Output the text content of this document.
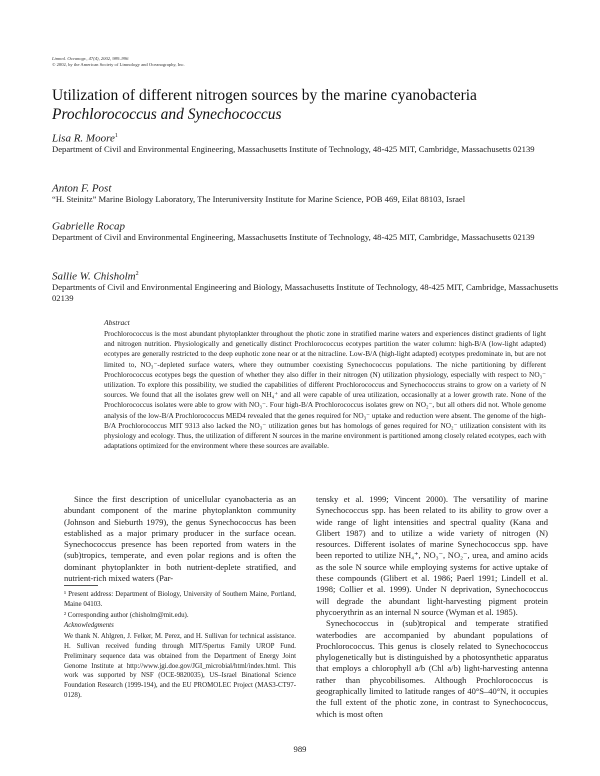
Limnol. Oceanogr., 47(4), 2002, 989–996
© 2002, by the American Society of Limnology and Oceanography, Inc.
Utilization of different nitrogen sources by the marine cyanobacteria
Prochlorococcus and Synechococcus
Lisa R. Moore$^1$
Department of Civil and Environmental Engineering, Massachusetts Institute of Technology, 48-425 MIT, Cambridge, Massachusetts 02139
Anton F. Post
“H. Steinitz” Marine Biology Laboratory, The Interuniversity Institute for Marine Science, POB 469, Eilat 88103, Israel
Gabrielle Rocap
Department of Civil and Environmental Engineering, Massachusetts Institute of Technology, 48-425 MIT, Cambridge, Massachusetts 02139
Sallie W. Chisholm$^2$
Departments of Civil and Environmental Engineering and Biology, Massachusetts Institute of Technology, 48-425 MIT, Cambridge, Massachusetts 02139
Abstract
Prochlorococcus is the most abundant phytoplankter throughout the photic zone in stratified marine waters and experiences distinct gradients of light and nitrogen nutrition. Physiologically and genetically distinct Prochlorococcus ecotypes partition the water column: high-B/A (low-light adapted) ecotypes are generally restricted to the deep euphotic zone near or at the nitracline. Low-B/A (high-light adapted) ecotypes predominate in, but are not limited to, NO₃⁻-depleted surface waters, where they outnumber coexisting Synechococcus populations. The niche partitioning by different Prochlorococcus ecotypes begs the question of whether they also differ in their nitrogen (N) utilization physiology, especially with respect to NO₃⁻ utilization. To explore this possibility, we studied the capabilities of different Prochlorococcus and Synechococcus strains to grow on a variety of N sources. We found that all the isolates grew well on NH₄⁺ and all were capable of urea utilization, occasionally at a lower growth rate. None of the Prochlorococcus isolates were able to grow with NO₃⁻. Four high-B/A Prochlorococcus isolates grew on NO₂⁻, but all others did not. Whole genome analysis of the low-B/A Prochlorococcus MED4 revealed that the genes required for NO₃⁻ uptake and reduction were absent. The genome of the high-B/A Prochlorococcus MIT 9313 also lacked the NO₃⁻ utilization genes but has homologs of genes required for NO₂⁻ utilization consistent with its physiology and ecology. Thus, the utilization of different N sources in the marine environment is partitioned among closely related ecotypes, each with adaptations optimized for the environment where these sources are available.

Since the first description of unicellular cyanobacteria as an abundant component of the marine phytoplankton community (Johnson and Sieburth 1979), the genus Synechococcus has been established as a major primary producer in the surface ocean. Synechococcus presence has been reported from waters in the (sub)tropics, temperate, and even polar regions and is often the dominant phytoplankter in both nutrient-deplete stratified, and nutrient-rich mixed waters (Par-

¹ Present address: Department of Biology, University of Southern Maine, Portland, Maine 04103.

² Corresponding author (chisholm@mit.edu).

Acknowledgments

We thank N. Ahlgren, J. Felker, M. Perez, and H. Sullivan for technical assistance. H. Sullivan received funding through MIT/Spertus Family UROP Fund. Preliminary sequence data was obtained from the Department of Energy Joint Genome Institute at http://www.jgi.doe.gov/JGI_microbial/html/index.html. This work was supported by NSF (OCE-9820035), US–Israel Binational Science Foundation Research (1999-194), and the EU PROMOLEC Project (MAS3-CT97-0128).

tensky et al. 1999; Vincent 2000). The versatility of marine Synechococcus spp. has been related to its ability to grow over a wide range of light intensities and spectral quality (Kana and Glibert 1987) and to utilize a wide variety of nitrogen (N) resources. Different isolates of marine Synechococcus spp. have been reported to utilize NH₄⁺, NO₃⁻, NO₂⁻, urea, and amino acids as the sole N source while employing systems for active uptake of these compounds (Glibert et al. 1986; Paerl 1991; Lindell et al. 1998; Collier et al. 1999). Under N deprivation, Synechococcus will degrade the abundant light-harvesting pigment protein phycoerythrin as an internal N source (Wyman et al. 1985).

Synechococcus in (sub)tropical and temperate stratified waterbodies are accompanied by abundant populations of Prochlorococcus. This genus is closely related to Synechococcus phylogenetically but is distinguished by a photosynthetic apparatus that employs a chlorophyll a/b (Chl a/b) light-harvesting antenna rather than phycobilisomes. Although Prochlorococcus is geographically limited to latitude ranges of 40°S–40°N, it occupies the full extent of the photic zone, in contrast to Synechococcus, which is most often

989
